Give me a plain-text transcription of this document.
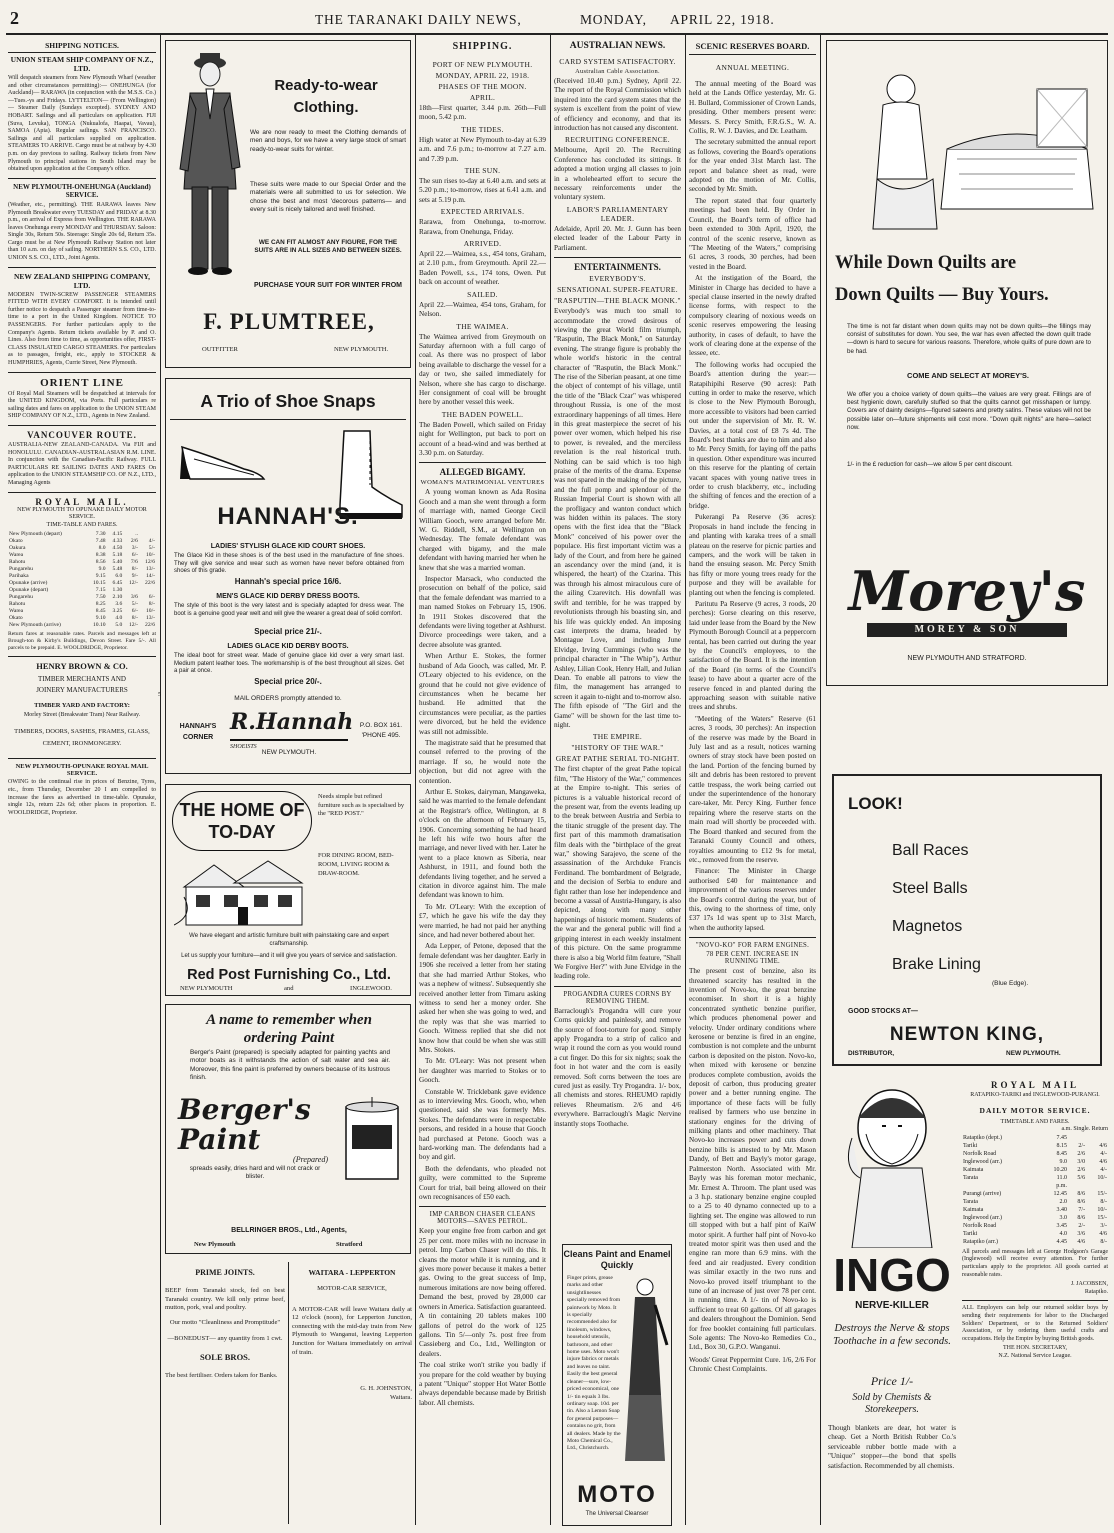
2	THE TARANAKI DAILY NEWS,	MONDAY, APRIL 22, 1918.
SHIPPING NOTICES.
UNION STEAM SHIP COMPANY OF N.Z., LTD.
Will despatch steamers from New Plymouth Wharf (weather and other circumstances permitting):— ONEHUNGA (for Auckland)— RARAWA (in conjunction with the M.S.S. Co.)—Tues.-ys and Fridays. LYTTELTON— (From Wellington)— Steamer Daily (Sundays excepted). SYDNEY AND HOBART. Sailings and all particulars on application. FIJI (Suva, Levuka), TONGA (Nukualofa, Haapai, Vavau), SAMOA (Apia). Regular sailings. SAN FRANCISCO. Sailings and all particulars supplied on application. STEAMERS TO ARRIVE. Cargo must be at railway by 4.30 p.m. on day previous to sailing. Railway tickets from New Plymouth to principal stations in South Island may be obtained upon application at the Company's office.
NEW PLYMOUTH-ONEHUNGA (Auckland) SERVICE.
(Weather, etc., permitting). THE RARAWA leaves New Plymouth Breakwater every TUESDAY and FRIDAY at 8.30 p.m., on arrival of Express from Wellington. THE RARAWA leaves Onehunga every MONDAY and THURSDAY. Saloon: Single 30s, Return 50s. Steerage: Single 20s 6d, Return 35s. Cargo must be at New Plymouth Railway Station not later than 10 a.m. on day of sailing. NORTHERN S.S. CO., LTD. UNION S.S. CO., LTD., Joint Agents.
NEW ZEALAND SHIPPING COMPANY, LTD.
MODERN TWIN-SCREW PASSENGER STEAMERS FITTED WITH EVERY COMFORT. It is intended until further notice to despatch a Passenger steamer from time-to-time to a port in the United Kingdom. NOTICE TO PASSENGERS. For further particulars apply to the Company's Agents. Return tickets available by P. and O. Lines. Also from time to time, as opportunities offer, FIRST-CLASS INSULATED CARGO STEAMERS. For particulars as to passages, freight, etc., apply to STOCKER & HUMPHRIES, Agents, Currie Street, New Plymouth.
ORIENT LINE
Of Royal Mail Steamers will be despatched at intervals for the UNITED KINGDOM, via Ports. Full particulars re sailing dates and fares on application to the UNION STEAM SHIP COMPANY OF N.Z., LTD., Agents in New Zealand.
VANCOUVER ROUTE.
AUSTRALIA-NEW ZEALAND-CANADA. Via FIJI and HONOLULU. CANADIAN-AUSTRALASIAN R.M. LINE. In conjunction with the Canadian-Pacific Railway. FULL PARTICULARS RE SAILING DATES AND FARES On application to the UNION STEAMSHIP CO. OF N.Z., LTD., Managing Agents
ROYAL MAIL.
NEW PLYMOUTH TO OPUNAKE DAILY MOTOR SERVICE.
TIME-TABLE AND FARES.
New Plymouth (depart)	7.30	4.15	..	
Okato	7.48	4.33	2/6	4/-
Oakura	8.0	4.50	3/-	5/-
Warea	8.38	5.18	6/-	10/-
Rahotu	8.56	5.40	7/6	12/6
Pungarehu	9.0	5.48	8/-	13/-
Parihaka	9.15	6.0	9/-	14/-
Opunake (arrive)	10.15	6.45	12/-	22/6
Opunake (depart)	7.15	1.30		
Pungarehu	7.50	2.10	3/6	6/-
Rahotu	8.25	3.6	5/-	8/-
Warea	8.45	3.25	6/-	10/-
Okato	9.10	4.0	8/-	13/-
New Plymouth (arrive)	10.10	5.0	12/-	22/6
Return fares at reasonable rates. Parcels and messages left at Brough-ton & Kirby's Buildings, Devon Street. Fare 5/-. All parcels to be prepaid. E. WOOLDRIDGE, Proprietor.
HENRY BROWN & CO.
TIMBER MERCHANTS AND
JOINERY MANUFACTURERS
TIMBER YARD AND FACTORY:
Morley Street (Breakwater Tram) Near Railway.
TIMBERS, DOORS, SASHES, FRAMES, GLASS, CEMENT, IRONMONGERY.
NEW PLYMOUTH-OPUNAKE ROYAL MAIL SERVICE.
OWING to the continual rise in prices of Benzine, Tyres, etc., from Thursday, December 20 I am compelled to increase the fares as advertised in time-table. Opunake, single 12s, return 22s 6d; other places in proportion. E. WOOLDRIDGE, Proprietor.
Ready-to-wear
Clothing.
We are now ready to meet the Clothing demands of men and boys, for we have a very large stock of smart ready-to-wear suits for winter.
These suits were made to our Special Order and the materials were all submitted to us for selection. We chose the best and most 'decorous patterns— and every suit is nicely tailored and well finished.
WE CAN FIT ALMOST ANY FIGURE, FOR THE SUITS ARE IN ALL SIZES AND BETWEEN SIZES.
PURCHASE YOUR SUIT FOR WINTER FROM
F. PLUMTREE,
OUTFITTER	NEW PLYMOUTH.
A Trio of Shoe Snaps
HANNAH'S.
LADIES' STYLISH GLACE KID COURT SHOES.
The Glace Kid in these shoes is of the best used in the manufacture of fine shoes. They will give service and wear such as women have never before obtained from shoes of this grade.
Hannah's special price 16/6.
MEN'S GLACE KID DERBY DRESS BOOTS.
The style of this boot is the very latest and is specially adapted for dress wear. The boot is a genuine good year welt and will give the wearer a great deal of solid comfort.
Special price 21/-.
LADIES GLACE KID DERBY BOOTS.
The ideal boot for street wear. Made of genuine glace kid over a very smart last. Medium patent leather toes. The workmanship is of the best throughout all sizes. Get a pair at once.
Special price 20/-.
5
MAIL ORDERS promptly attended to.
HANNAH'S CORNER
R.Hannah SHOEISTS
NEW PLYMOUTH.
P.O. BOX 161. 'PHONE 495.
THE HOME OF TO-DAY
Needs simple but refined furniture such as is specialised by the "RED POST."
FOR DINING ROOM, BED-ROOM, LIVING ROOM & DRAW-ROOM.
We have elegant and artistic furniture built with painstaking care and expert craftsmanship.
Let us supply your furniture—and it will give you years of service and satisfaction.
Red Post Furnishing Co., Ltd.
NEW PLYMOUTH	and	INGLEWOOD.
A name to remember when ordering Paint
Berger's Paint (prepared) is specially adapted for painting yachts and motor boats as it withstands the action of salt water and sea air. Moreover, this fine paint is preferred by owners because of its lustrous finish.
Berger's Paint
(Prepared)
spreads easily, dries hard and will not crack or blister.
BELLRINGER BROS., Ltd., Agents,
New Plymouth	Stratford
PRIME JOINTS.
BEEF from Taranaki stock, fed on best Taranaki country. We kill only prime beef, mutton, pork, veal and poultry.
Our motto "Cleanliness and Promptitude"
—BONEDUST— any quantity from 1 cwt.
SOLE BROS.
The best fertiliser. Orders taken for Banks.
WAITARA - LEPPERTON
MOTOR-CAR SERVICE,
A MOTOR-CAR will leave Waitara daily at 12 o'clock (noon), for Lepperton Junction, connecting with the mid-day train from New Plymouth to Wanganui, leaving Lepperton Junction for Waitara immediately on arrival of train.
G. H. JOHNSTON,
Waitara.
SHIPPING.
PORT OF NEW PLYMOUTH.
MONDAY, APRIL 22, 1918.
PHASES OF THE MOON.
APRIL.
18th—First quarter, 3.44 p.m. 26th—Full moon, 5.42 p.m.
THE TIDES.
High water at New Plymouth to-day at 6.39 a.m. and 7.6 p.m.; to-morrow at 7.27 a.m. and 7.39 p.m.
THE SUN.
The sun rises to-day at 6.40 a.m. and sets at 5.20 p.m.; to-morrow, rises at 6.41 a.m. and sets at 5.19 p.m.
EXPECTED ARRIVALS.
Rarawa, from Onehunga, to-morrow. Rarawa, from Onehunga, Friday.
ARRIVED.
April 22.—Waimea, s.s., 454 tons, Graham, at 2.10 p.m., from Greymouth. April 22.—Baden Powell, s.s., 174 tons, Owen. Put back on account of weather.
SAILED.
April 22.—Waimea, 454 tons, Graham, for Nelson.
THE WAIMEA.
The Waimea arrived from Greymouth on Saturday afternoon with a full cargo of coal. As there was no prospect of labor being available to discharge the vessel for a day or two, she sailed immediately for Nelson, where she has cargo to discharge. Her consignment of coal will be brought here by another vessel this week.
THE BADEN POWELL.
The Baden Powell, which sailed on Friday night for Wellington, put back to port on account of a head-wind and was berthed at 3.30 p.m. on Saturday.
ALLEGED BIGAMY.
WOMAN'S MATRIMONIAL VENTURES

A young woman known as Ada Rosina Gooch and a man she went through a form of marriage with, named George Cecil William Gooch, were arranged before Mr. W. G. Riddell, S.M., at Wellington on Wednesday. The female defendant was charged with bigamy, and the male defendant with having married her when he knew that she was a married woman.

Inspector Marsack, who conducted the prosecution on behalf of the police, said that the female defendant was married to a man named Stokes on February 15, 1906. In 1911 Stokes discovered that the defendants were living together at Ashhurst. Divorce proceedings were taken, and a decree absolute was granted.

When Arthur E. Stokes, the former husband of Ada Gooch, was called, Mr. P. O'Leary objected to his evidence, on the ground that he could not give evidence of circumstances when he became her husband. He admitted that the circumstances were peculiar, as the parties were divorced, but he held the evidence was still not admissible.

The magistrate said that he presumed that counsel referred to the proving of the marriage. If so, he would note the objection, but did not agree with the contention.

Arthur E. Stokes, dairyman, Mangaweka, said he was married to the female defendant at the Registrar's office, Wellington, at 8 o'clock on the afternoon of February 15, 1906. Concerning something he had heard he left his wife two hours after the marriage, and never lived with her. Later he went to a place known as Siberia, near Ashhurst, in 1911, and found both the defendants living together, and he served a citation in divorce against him. The male defendant was known to him.

To Mr. O'Leary: With the exception of £7, which he gave his wife the day they were married, he had not paid her anything since, and had never bothered about her.

Ada Lepper, of Petone, deposed that the female defendant was her daughter. Early in 1906 she received a letter from her stating that she had married Arthur Stokes, who was a nephew of witness'. Subsequently she received another letter from Timaru asking witness to send her a money order. She asked her when she was going to wed, and the reply was that she was married to Gooch. Witness replied that she did not know how that could be when she was still Mrs. Stokes.

To Mr. O'Leary: Was not present when her daughter was married to Stokes or to Gooch.

Constable W. Tricklebank gave evidence as to interviewing Mrs. Gooch, who, when questioned, said she was formerly Mrs. Stokes. The defendants were in respectable persons, and resided in a house that Gooch had purchased at Petone. Gooch was a hard-working man. The defendants had a boy and girl.

Both the defendants, who pleaded not guilty, were committed to the Supreme Court for trial, bail being allowed on their own recognisances of £50 each.

IMP CARBON CHASER CLEANS MOTORS—SAVES PETROL.
Keep your engine free from carbon and get 25 per cent. more miles with no increase in petrol. Imp Carbon Chaser will do this. It cleans the motor while it is running, and it gives more power because it makes a better gas. Owing to the great success of Imp, numerous imitations are now being offered. Demand the best, proved by 28,000 car owners in America. Satisfaction guaranteed. A tin containing 20 tablets makes 100 gallons of petrol do the work of 125 gallons. Tin 5/—only 7s. post free from Cassieberg and Co., Ltd., Wellington or dealers.
The coal strike won't strike you badly if you prepare for the cold weather by buying a patent "Unique" stopper Hot Water Bottle always dependable because made by British labor. All chemists.
AUSTRALIAN NEWS.
CARD SYSTEM SATISFACTORY.
Australian Cable Association.
(Received 10.40 p.m.) Sydney, April 22. The report of the Royal Commission which inquired into the card system states that the system is excellent from the point of view of efficiency and economy, and that its introduction has not caused any discontent.
RECRUITING CONFERENCE.
Melbourne, April 20. The Recruiting Conference has concluded its sittings. It adopted a motion urging all classes to join in a wholehearted effort to secure the necessary reinforcements under the voluntary system.
LABOR'S PARLIAMENTARY LEADER.
Adelaide, April 20. Mr. J. Gunn has been elected leader of the Labour Party in Parliament.
ENTERTAINMENTS.
EVERYBODY'S.
SENSATIONAL SUPER-FEATURE.
"RASPUTIN—THE BLACK MONK."
Everybody's was much too small to accommodate the crowd desirous of viewing the great World film triumph, "Rasputin, The Black Monk," on Saturday evening. The strange figure is probably the whole world's historic in the central character of "Rasputin, the Black Monk." The rise of the Siberian peasant, at one time the object of contempt of his village, until the title of the "Black Czar" was whispered throughout Russia, is one of the most extraordinary happenings of all times. Here in this great masterpiece the secret of his power over women, which helped his rise to power, is revealed, and the merciless revelation is the real historical truth. Nothing can be said which is too high praise of the merits of the drama. Expense was not spared in the making of the picture, and the full pomp and splendour of the Russian Imperial Court is shown with all the profligacy and wanton conduct which was hidden within its palaces. The story opens with the first idea that the "Black Monk" conceived of his power over the populace. His first important victim was a lady of the Court, and from here he gained an ascendancy over the mind (and, it is whispered, the heart) of the Czarina. This was through his almost miraculous cure of the ailing Czarevitch. His downfall was swift and terrible, for he was trapped by revolutionists through his boasting sin, and his life was quickly ended. An imposing cast interprets the drama, headed by Montague Love, and including June Elvidge, Irving Cummings (who was the principal character in "The Whip"), Arthur Ashley, Lilian Cook, Henry Hall, and Julian Dean. To enable all patrons to view the film, the management has arranged to screen it again to-night and to-morrow also. The fifth episode of "The Girl and the Game" will be shown for the last time to-night.
THE EMPIRE.
"HISTORY OF THE WAR."
GREAT PATHE SERIAL TO-NIGHT.
The first chapter of the great Pathe topical film, "The History of the War," commences at the Empire to-night. This series of pictures is a valuable historical record of the present war, from the events leading up to the break between Austria and Serbia to the titanic struggle of the present day. The first part of this mammoth dramatisation film deals with the "birthplace of the great war," showing Sarajevo, the scene of the assassination of the Archduke Francis Ferdinand. The bombardment of Belgrade, and the decision of Serbia to endure and fight rather than lose her independence and become a vassal of Austria-Hungary, is also depicted, along with many other happenings of historic moment. Students of the war and the general public will find a gripping interest in each weekly instalment of this picture. On the same programme there is also a big World film feature, "Shall We Forgive Her?" with June Elvidge in the leading role.
PROGANDRA CURES CORNS BY REMOVING THEM.
Barraclough's Progandra will cure your Corns quickly and painlessly, and remove the source of foot-torture for good. Simply apply Progandra to a strip of calico and wrap it round the corn as you would round a cut finger. Do this for six nights; soak the foot in hot water and the corn is easily removed. Soft corns between the toes are cured just as easily. Try Progandra. 1/- box, all chemists and stores. RHEUMO rapidly relieves Rheumatism. 2/6 and 4/6 everywhere. Barraclough's Magic Nervine instantly stops Toothache.
Cleans Paint and Enamel Quickly
Finger prints, grease marks and other unsightlinesses specially removed from paintwork by Moto. It is specially recommended also for linoleum, windows, household utensils, bathroom, and other home uses. Moto won't injure fabrics or metals and leaves no taint. Easily the best general cleaner—sure, low-priced economical, one 1/- tin equals 3 lbs. ordinary soap. 10d. per tin. Also a Lemon Soap for general purposes—contains no grit, from all dealers. Made by the Moto Chemical Co., Ltd., Christchurch.
MOTO
The Universal Cleanser
SCENIC RESERVES BOARD.
ANNUAL MEETING.

The annual meeting of the Board was held at the Lands Office yesterday, Mr. G. H. Bullard, Commissioner of Crown Lands, presiding. Other members present were: Messrs. S. Percy Smith, F.R.G.S., W. A. Collis, R. W. J. Davies, and Dr. Leatham.

The secretary submitted the annual report as follows, covering the Board's operations for the year ended 31st March last. The report and balance sheet as read, were adopted on the motion of Mr. Collis, seconded by Mr. Smith.

The report stated that four quarterly meetings had been held. By Order in Council, the Board's term of office had been extended to 30th April, 1920, the control of the scenic reserve, known as "The Meeting of the Waters," comprising 61 acres, 3 roods, 30 perches, had been vested in the Board.

At the instigation of the Board, the Minister in Charge has decided to have a special clause inserted in the newly drafted license forms, with respect to the compulsory clearing of noxious weeds on scenic reserves empowering the leasing authority, in cases of default, to have the work of clearing done at the expense of the lessee, etc.

The following works had occupied the Board's attention during the year:— Ratapihipihi Reserve (90 acres): Path cutting in order to make the reserve, which is close to the New Plymouth Borough, more accessible to visitors had been carried out under the supervision of Mr. R. W. Davies, at a total cost of £8 7s 4d. The Board's best thanks are due to him and also to Mr. Percy Smith, for laying off the paths in question. Other expenditure was incurred on this reserve for the planting of certain vacant spaces with young native trees in order to crush blackberry, etc., including the shifting of fences and the erection of a bridge.

Pukerangi Pa Reserve (36 acres): Proposals in hand include the fencing in and planting with karaka trees of a small plateau on the reserve for picnic parties and campers, and the work will be taken in hand the ensuing season. Mr. Percy Smith has fifty or more young trees ready for the purpose and they will be available for planting out when the fencing is completed.

Paritutu Pa Reserve (9 acres, 3 roods, 20 perches): Gorse clearing on this reserve, laid under lease from the Board by the New Plymouth Borough Council at a peppercorn rental, has been carried out during the year by the Council's employees, to the satisfaction of the Board. It is the intention of the Board (in terms of the Council's lease) to have about a quarter acre of the reserve fenced in and planted during the approaching season with suitable native trees and shrubs.

"Meeting of the Waters" Reserve (61 acres, 3 roods, 30 perches): An inspection of the reserve was made by the Board in July last and as a result, notices warning owners of stray stock have been posted on the land. Portion of the fencing burned by silt and debris has been restored to prevent cattle trespass, the work being carried out under the superintendence of the honorary care-taker, Mr. Percy King. Further fence repairing where the reserve starts on the main road will shortly be proceeded with. The Board thanked and secured from the Taranaki County Council and others, royalties amounting to £12 9s for metal, etc., removed from the reserve.

Finance: The Minister in Charge authorised £40 for maintenance and improvement of the various reserves under the Board's control during the year, but of this, owing to the shortness of time, only £37 17s 1d was spent up to 31st March, when the authority lapsed.

"NOVO-KO" FOR FARM ENGINES.
78 PER CENT. INCREASE IN RUNNING TIME.
The present cost of benzine, also its threatened scarcity has resulted in the invention of Novo-ko, the great benzine economiser. In short it is a highly concentrated synthetic benzine purifier, which produces phenomenal power and velocity. Under ordinary conditions where kerosene or benzine is fired in an engine, combustion is not complete and the unburnt carbon is deposited on the piston. Novo-ko, when mixed with kerosene or benzine produces complete combustion, avoids the deposit of carbon, thus producing greater power and a better running engine. The importance of these facts will be fully realised by farmers who use benzine in stationary engines for the driving of milking plants and other machinery. That Novo-ko increases power and cuts down benzine bills is attested to by Mr. Mason Dandy, of Bett and Bayly's motor garage, Palmerston North. Associated with Mr. Bayly was his foreman motor mechanic, Mr. Ernest A. Throom. The plant used was a 3 h.p. stationary benzine engine coupled to a 25 to 40 dynamo connected up to a lighting set. The engine was allowed to run till stopped with but a half pint of KaiW motor spirit. A further half pint of Novo-ko treated motor spirit was then used and the engine ran more than 6.9 mins. with the feed and air readjusted. Every condition was similar exactly in the two runs and Novo-ko proved itself triumphant to the tune of an increase of just over 78 per cent. in running time. A 1/- tin of Novo-ko is sufficient to treat 60 gallons. Of all garages and dealers throughout the Dominion. Send for free booklet containing full particulars. Sole agents: The Novo-ko Remedies Co., Ltd., Box 30, G.P.O. Wanganui.
Woods' Great Peppermint Cure. 1/6, 2/6 For Chronic Chest Complaints.
While Down Quilts are
Down Quilts — Buy Yours.
The time is not far distant when down quilts may not be down quilts—the fillings may consist of substitutes for down. You see, the war has even affected the down quilt trade—down is hard to secure for various reasons. Therefore, whole quilts of pure down are to be had.
COME AND SELECT AT MOREY'S.
We offer you a choice variety of down quilts—the values are very great. Fillings are of best hygienic down, carefully stuffed so that the quilts cannot get misshapen or lumpy. Covers are of dainty designs—figured sateens and pretty satins. These values will not be possible later on—future shipments will cost more. "Down quilt nights" are here—select now.
1/- in the £ reduction for cash—we allow 5 per cent discount.
Morey's
MOREY & SON
NEW PLYMOUTH AND STRATFORD.
LOOK!
Ball Races
Steel Balls
Magnetos
Brake Lining
(Blue Edge).
GOOD STOCKS AT—
NEWTON KING,
DISTRIBUTOR,	NEW PLYMOUTH.
INGO
NERVE-KILLER
Destroys the Nerve & stops Toothache in a few seconds.
Price 1/-
Sold by Chemists & Storekeepers.
Though blankets are dear, hot water is cheap. Get a North British Rubber Co.'s serviceable rubber bottle made with a "Unique" stopper—the bond that spells satisfaction. Recommended by all chemists.
ROYAL MAIL
RATAPIKO-TARIKI and INGLEWOOD-PURANGI.
DAILY MOTOR SERVICE.
TIMETABLE AND FARES.
a.m. Single. Return
Ratapiko (dept.)	7.45		
Tariki	8.15	2/-	4/6
Norfolk Road	8.45	2/6	4/-
Inglewood (arr.)	9.0	3/0	4/6
Kaimata	10.20	2/6	4/-
Tarata	11.0	5/6	10/-
	p.m.		
Purangi (arrive)	12.45	8/6	15/-
Tarata	2.0	8/6	8/-
Kaimata	3.40	7/-	10/-
Inglewood (arr.)	3.0	8/6	15/-
Norfolk Road	3.45	2/-	3/-
Tariki	4.0	3/6	4/6
Ratapiko (arr.)	4.45	4/6	8/-
All parcels and messages left at George Hodgson's Garage (Inglewood) will receive every attention. For further particulars apply to the proprietor. All goods carried at reasonable rates.
J. JACOBSEN,
Ratapiko.
ALL Employers can help our returned soldier boys by sending their requirements for labor to the Discharged Soldiers' Department, or to the Returned Soldiers' Association, or by ordering them useful crafts and occupations. Help the Empire by buying British goods.
THE HON. SECRETARY,
N.Z. National Service League.
